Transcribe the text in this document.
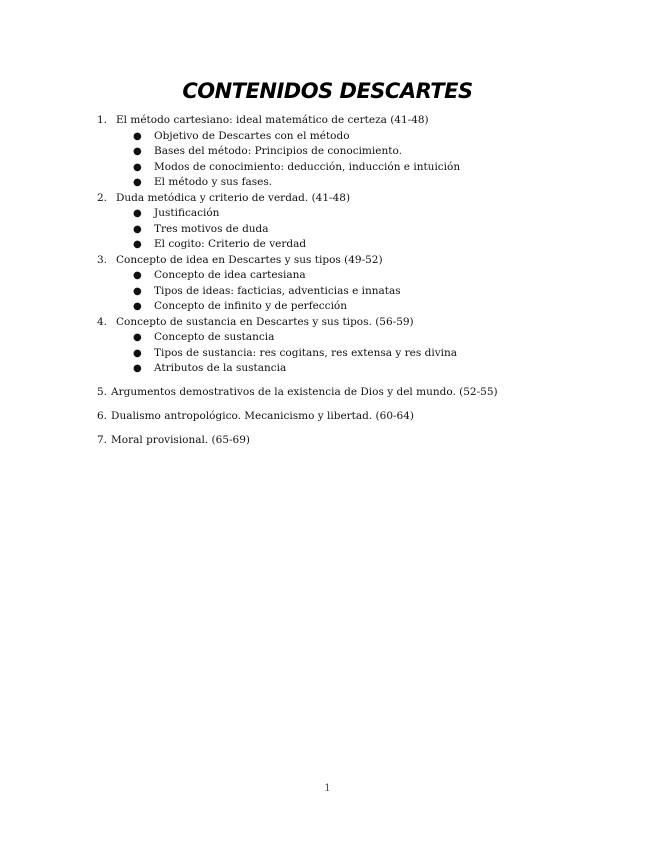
CONTENIDOS DESCARTES
1. El método cartesiano: ideal matemático de certeza (41-48)
● Objetivo de Descartes con el método
● Bases del método: Principios de conocimiento.
● Modos de conocimiento: deducción, inducción e intuición
● El método y sus fases.
2. Duda metódica y criterio de verdad. (41-48)
● Justificación
● Tres motivos de duda
● El cogito: Criterio de verdad
3. Concepto de idea en Descartes y sus tipos (49-52)
● Concepto de idea cartesiana
● Tipos de ideas: facticias, adventicias e innatas
● Concepto de infinito y de perfección
4. Concepto de sustancia en Descartes y sus tipos. (56-59)
● Concepto de sustancia
● Tipos de sustancia: res cogitans, res extensa y res divina
● Atributos de la sustancia
5. Argumentos demostrativos de la existencia de Dios y del mundo. (52-55)
6. Dualismo antropológico. Mecanicismo y libertad. (60-64)
7. Moral provisional. (65-69)
1
